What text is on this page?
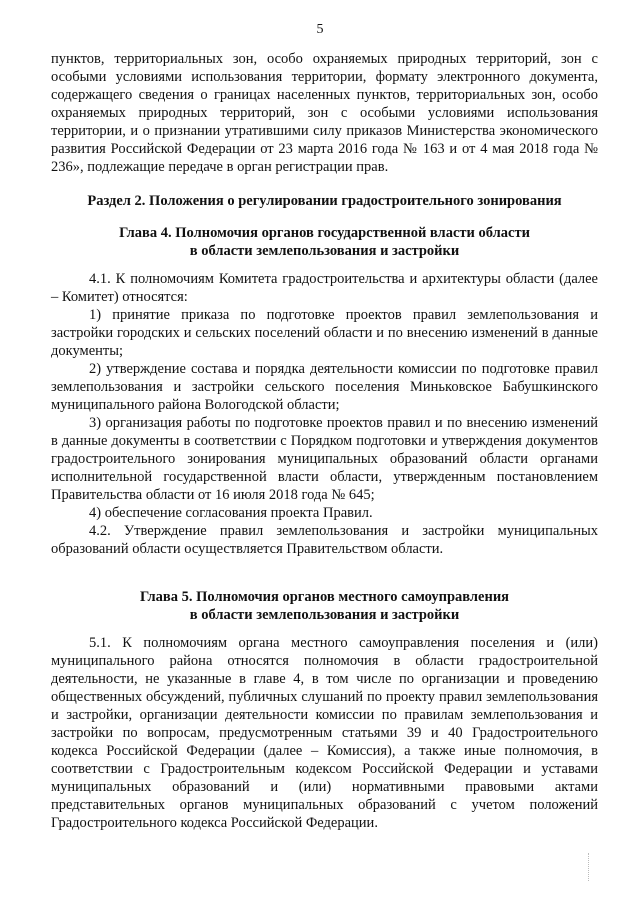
5

пунктов, территориальных зон, особо охраняемых природных территорий, зон с особыми условиями использования территории, формату электронного документа, содержащего сведения о границах населенных пунктов, территориальных зон, особо охраняемых природных территорий, зон с особыми условиями использования территории, и о признании утратившими силу приказов Министерства экономического развития Российской Федерации от 23 марта 2016 года № 163 и от 4 мая 2018 года № 236», подлежащие передаче в орган регистрации прав.

Раздел 2. Положения о регулировании градостроительного зонирования
Глава 4. Полномочия органов государственной власти области
в области землепользования и застройки

4.1. К полномочиям Комитета градостроительства и архитектуры области (далее – Комитет) относятся:

1) принятие приказа по подготовке проектов правил землепользования и застройки городских и сельских поселений области и по внесению изменений в данные документы;

2) утверждение состава и порядка деятельности комиссии по подготовке правил землепользования и застройки сельского поселения Миньковское Бабушкинского муниципального района Вологодской области;

3) организация работы по подготовке проектов правил и по внесению изменений в данные документы в соответствии с Порядком подготовки и утверждения документов градостроительного зонирования муниципальных образований области органами исполнительной государственной власти области, утвержденным постановлением Правительства области от 16 июля 2018 года № 645;

4) обеспечение согласования проекта Правил.

4.2. Утверждение правил землепользования и застройки муниципальных образований области осуществляется Правительством области.

Глава 5. Полномочия органов местного самоуправления
в области землепользования и застройки

5.1. К полномочиям органа местного самоуправления поселения и (или) муниципального района относятся полномочия в области градостроительной деятельности, не указанные в главе 4, в том числе по организации и проведению общественных обсуждений, публичных слушаний по проекту правил землепользования и застройки, организации деятельности комиссии по правилам землепользования и застройки по вопросам, предусмотренным статьями 39 и 40 Градостроительного кодекса Российской Федерации (далее – Комиссия), а также иные полномочия, в соответствии с Градостроительным кодексом Российской Федерации и уставами муниципальных образований и (или) нормативными правовыми актами представительных органов муниципальных образований с учетом положений Градостроительного кодекса Российской Федерации.
